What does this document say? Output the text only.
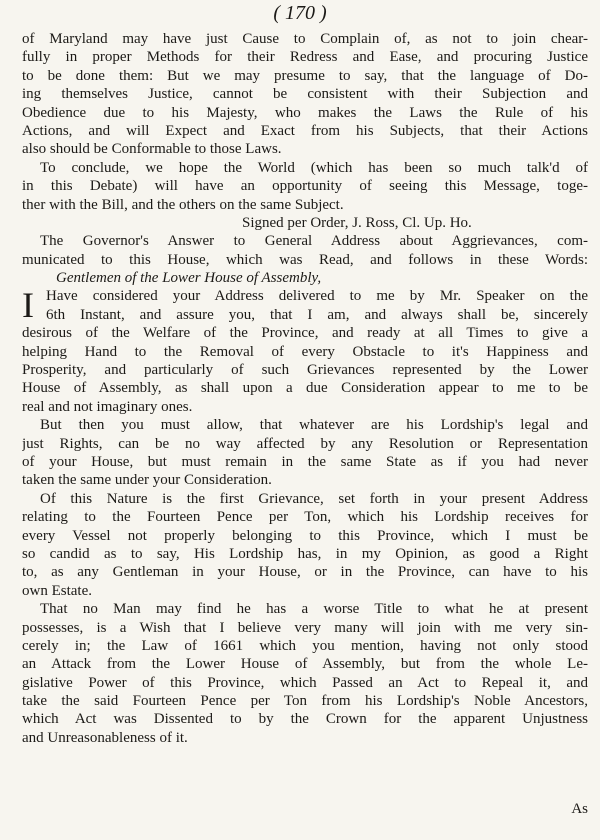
( 170 )
of Maryland may have just Cause to Complain of, as not to join chear-
fully in proper Methods for their Redress and Ease, and procuring Justice
to be done them: But we may presume to say, that the language of Do-
ing themselves Justice, cannot be consistent with their Subjection and
Obedience due to his Majesty, who makes the Laws the Rule of his
Actions, and will Expect and Exact from his Subjects, that their Actions
also should be Conformable to those Laws.
To conclude, we hope the World (which has been so much talk'd of
in this Debate) will have an opportunity of seeing this Message, toge-
ther with the Bill, and the others on the same Subject.
Signed per Order, J. Ross, Cl. Up. Ho.
The Governor's Answer to General Address about Aggrievances, com-
municated to this House, which was Read, and follows in these Words:
Gentlemen of the Lower House of Assembly,
I Have considered your Address delivered to me by Mr. Speaker on the
6th Instant, and assure you, that I am, and always shall be, sincerely
desirous of the Welfare of the Province, and ready at all Times to give a
helping Hand to the Removal of every Obstacle to it's Happiness and
Prosperity, and particularly of such Grievances represented by the Lower
House of Assembly, as shall upon a due Consideration appear to me to be
real and not imaginary ones.
But then you must allow, that whatever are his Lordship's legal and
just Rights, can be no way affected by any Resolution or Representation
of your House, but must remain in the same State as if you had never
taken the same under your Consideration.
Of this Nature is the first Grievance, set forth in your present Address
relating to the Fourteen Pence per Ton, which his Lordship receives for
every Vessel not properly belonging to this Province, which I must be
so candid as to say, His Lordship has, in my Opinion, as good a Right
to, as any Gentleman in your House, or in the Province, can have to his
own Estate.
That no Man may find he has a worse Title to what he at present
possesses, is a Wish that I believe very many will join with me very sin-
cerely in; the Law of 1661 which you mention, having not only stood
an Attack from the Lower House of Assembly, but from the whole Le-
gislative Power of this Province, which Passed an Act to Repeal it, and
take the said Fourteen Pence per Ton from his Lordship's Noble Ancestors,
which Act was Dissented to by the Crown for the apparent Unjustness
and Unreasonableness of it.
As
